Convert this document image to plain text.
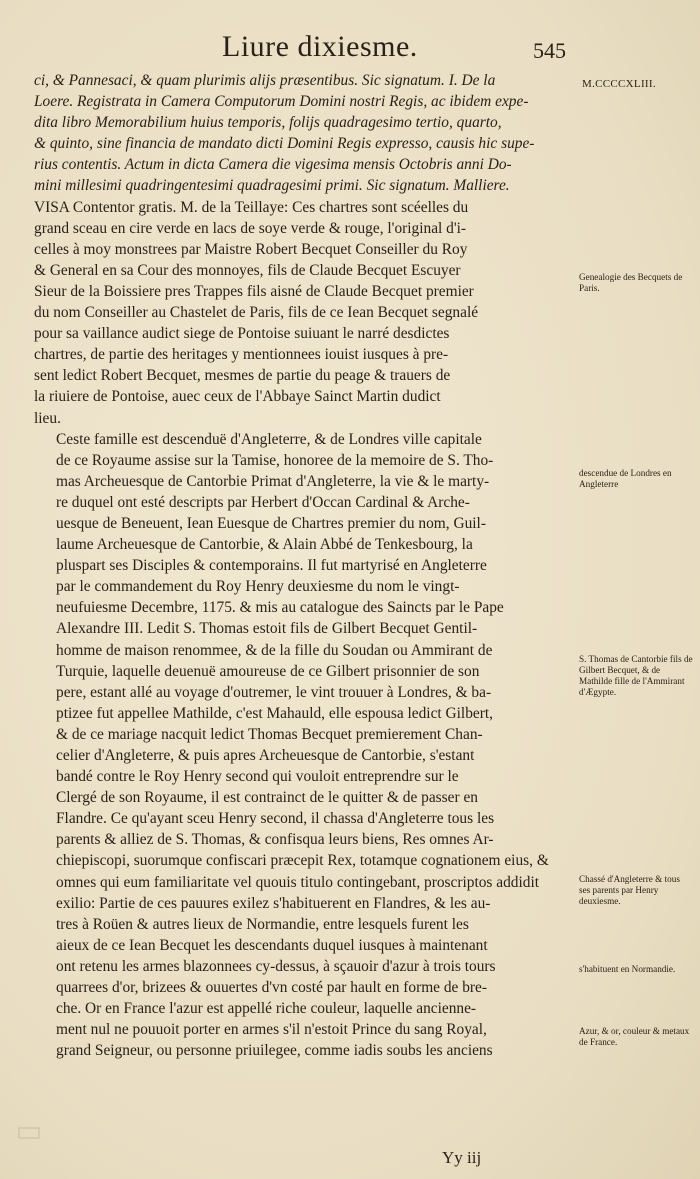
Liure dixiesme.	545
M.CCCCXLIII.

ci, & Pannesaci, & quam plurimis alijs præsentibus. Sic signatum. I. De la
Loere. Registrata in Camera Computorum Domini nostri Regis, ac ibidem expe-
dita libro Memorabilium huius temporis, folijs quadragesimo tertio, quarto,
& quinto, sine financia de mandato dicti Domini Regis expresso, causis hic supe-
rius contentis. Actum in dicta Camera die vigesima mensis Octobris anni Do-
mini millesimi quadringentesimi quadragesimi primi. Sic signatum. Malliere.

VISA Contentor gratis. M. de la Teillaye: Ces chartres sont scéelles du
grand sceau en cire verde en lacs de soye verde & rouge, l'original d'i-
celles à moy monstrees par Maistre Robert Becquet Conseiller du Roy
& General en sa Cour des monnoyes, fils de Claude Becquet Escuyer
Sieur de la Boissiere pres Trappes fils aisné de Claude Becquet premier
du nom Conseiller au Chastelet de Paris, fils de ce Iean Becquet segnalé
pour sa vaillance audict siege de Pontoise suiuant le narré desdictes
chartres, de partie des heritages y mentionnees iouist iusques à pre-
sent ledict Robert Becquet, mesmes de partie du peage & trauers de
la riuiere de Pontoise, auec ceux de l'Abbaye Sainct Martin dudict
lieu.

Ceste famille est descenduë d'Angleterre, & de Londres ville capitale
de ce Royaume assise sur la Tamise, honoree de la memoire de S. Tho-
mas Archeuesque de Cantorbie Primat d'Angleterre, la vie & le marty-
re duquel ont esté descripts par Herbert d'Occan Cardinal & Arche-
uesque de Beneuent, Iean Euesque de Chartres premier du nom, Guil-
laume Archeuesque de Cantorbie, & Alain Abbé de Tenkesbourg, la
pluspart ses Disciples & contemporains. Il fut martyrisé en Angleterre
par le commandement du Roy Henry deuxiesme du nom le vingt-
neufuiesme Decembre, 1175. & mis au catalogue des Saincts par le Pape
Alexandre III. Ledit S. Thomas estoit fils de Gilbert Becquet Gentil-
homme de maison renommee, & de la fille du Soudan ou Ammirant de
Turquie, laquelle deuenuë amoureuse de ce Gilbert prisonnier de son
pere, estant allé au voyage d'outremer, le vint trouuer à Londres, & ba-
ptizee fut appellee Mathilde, c'est Mahauld, elle espousa ledict Gilbert,
& de ce mariage nacquit ledict Thomas Becquet premierement Chan-
celier d'Angleterre, & puis apres Archeuesque de Cantorbie, s'estant
bandé contre le Roy Henry second qui vouloit entreprendre sur le
Clergé de son Royaume, il est contrainct de le quitter & de passer en
Flandre. Ce qu'ayant sceu Henry second, il chassa d'Angleterre tous les
parents & alliez de S. Thomas, & confisqua leurs biens, Res omnes Ar-
chiepiscopi, suorumque confiscari præcepit Rex, totamque cognationem eius, &
omnes qui eum familiaritate vel quouis titulo contingebant, proscriptos addidit
exilio: Partie de ces pauures exilez s'habituerent en Flandres, & les au-
tres à Roüen & autres lieux de Normandie, entre lesquels furent les
aieux de ce Iean Becquet les descendants duquel iusques à maintenant
ont retenu les armes blazonnees cy-dessus, à sçauoir d'azur à trois tours
quarrees d'or, brizees & ouuertes d'vn costé par hault en forme de bre-
che. Or en France l'azur est appellé riche couleur, laquelle ancienne-
ment nul ne pouuoit porter en armes s'il n'estoit Prince du sang Royal,
grand Seigneur, ou personne priuilegee, comme iadis soubs les anciens

Genealogie des Becquets de Paris.
descendue de Londres en Angleterre
S. Thomas de Cantorbie fils de Gilbert Becquet, & de Mathilde fille de l'Ammirant d'Ægypte.
Chassé d'Angleterre & tous ses parents par Henry deuxiesme.
s'habituent en Normandie.
Azur, & or, couleur & metaux de France.
Yy iij
